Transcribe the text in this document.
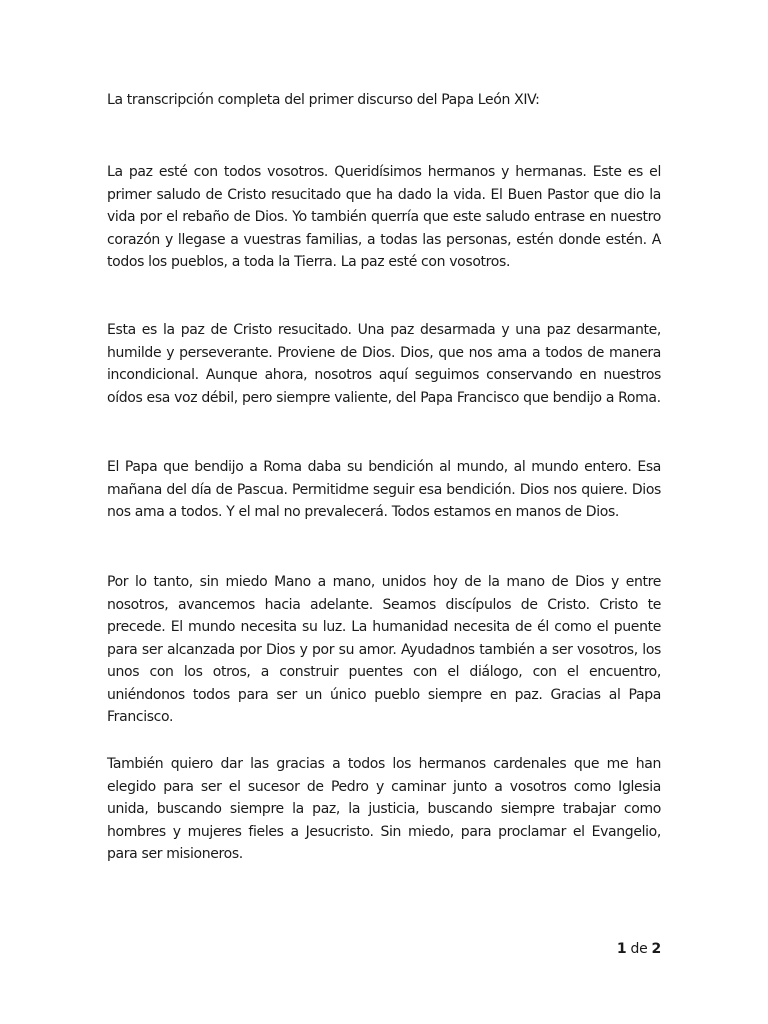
La transcripción completa del primer discurso del Papa León XIV:

La paz esté con todos vosotros. Queridísimos hermanos y hermanas. Este es el primer saludo de Cristo resucitado que ha dado la vida. El Buen Pastor que dio la vida por el rebaño de Dios. Yo también querría que este saludo entrase en nuestro corazón y llegase a vuestras familias, a todas las personas, estén donde estén. A todos los pueblos, a toda la Tierra. La paz esté con vosotros.

Esta es la paz de Cristo resucitado. Una paz desarmada y una paz desarmante, humilde y perseverante. Proviene de Dios. Dios, que nos ama a todos de manera incondicional. Aunque ahora, nosotros aquí seguimos conservando en nuestros oídos esa voz débil, pero siempre valiente, del Papa Francisco que bendijo a Roma.

El Papa que bendijo a Roma daba su bendición al mundo, al mundo entero. Esa mañana del día de Pascua. Permitidme seguir esa bendición. Dios nos quiere. Dios nos ama a todos. Y el mal no prevalecerá. Todos estamos en manos de Dios.

Por lo tanto, sin miedo Mano a mano, unidos hoy de la mano de Dios y entre nosotros, avancemos hacia adelante. Seamos discípulos de Cristo. Cristo te precede. El mundo necesita su luz. La humanidad necesita de él como el puente para ser alcanzada por Dios y por su amor. Ayudadnos también a ser vosotros, los unos con los otros, a construir puentes con el diálogo, con el encuentro, uniéndonos todos para ser un único pueblo siempre en paz. Gracias al Papa Francisco.

También quiero dar las gracias a todos los hermanos cardenales que me han elegido para ser el sucesor de Pedro y caminar junto a vosotros como Iglesia unida, buscando siempre la paz, la justicia, buscando siempre trabajar como hombres y mujeres fieles a Jesucristo. Sin miedo, para proclamar el Evangelio, para ser misioneros.

1 de 2
